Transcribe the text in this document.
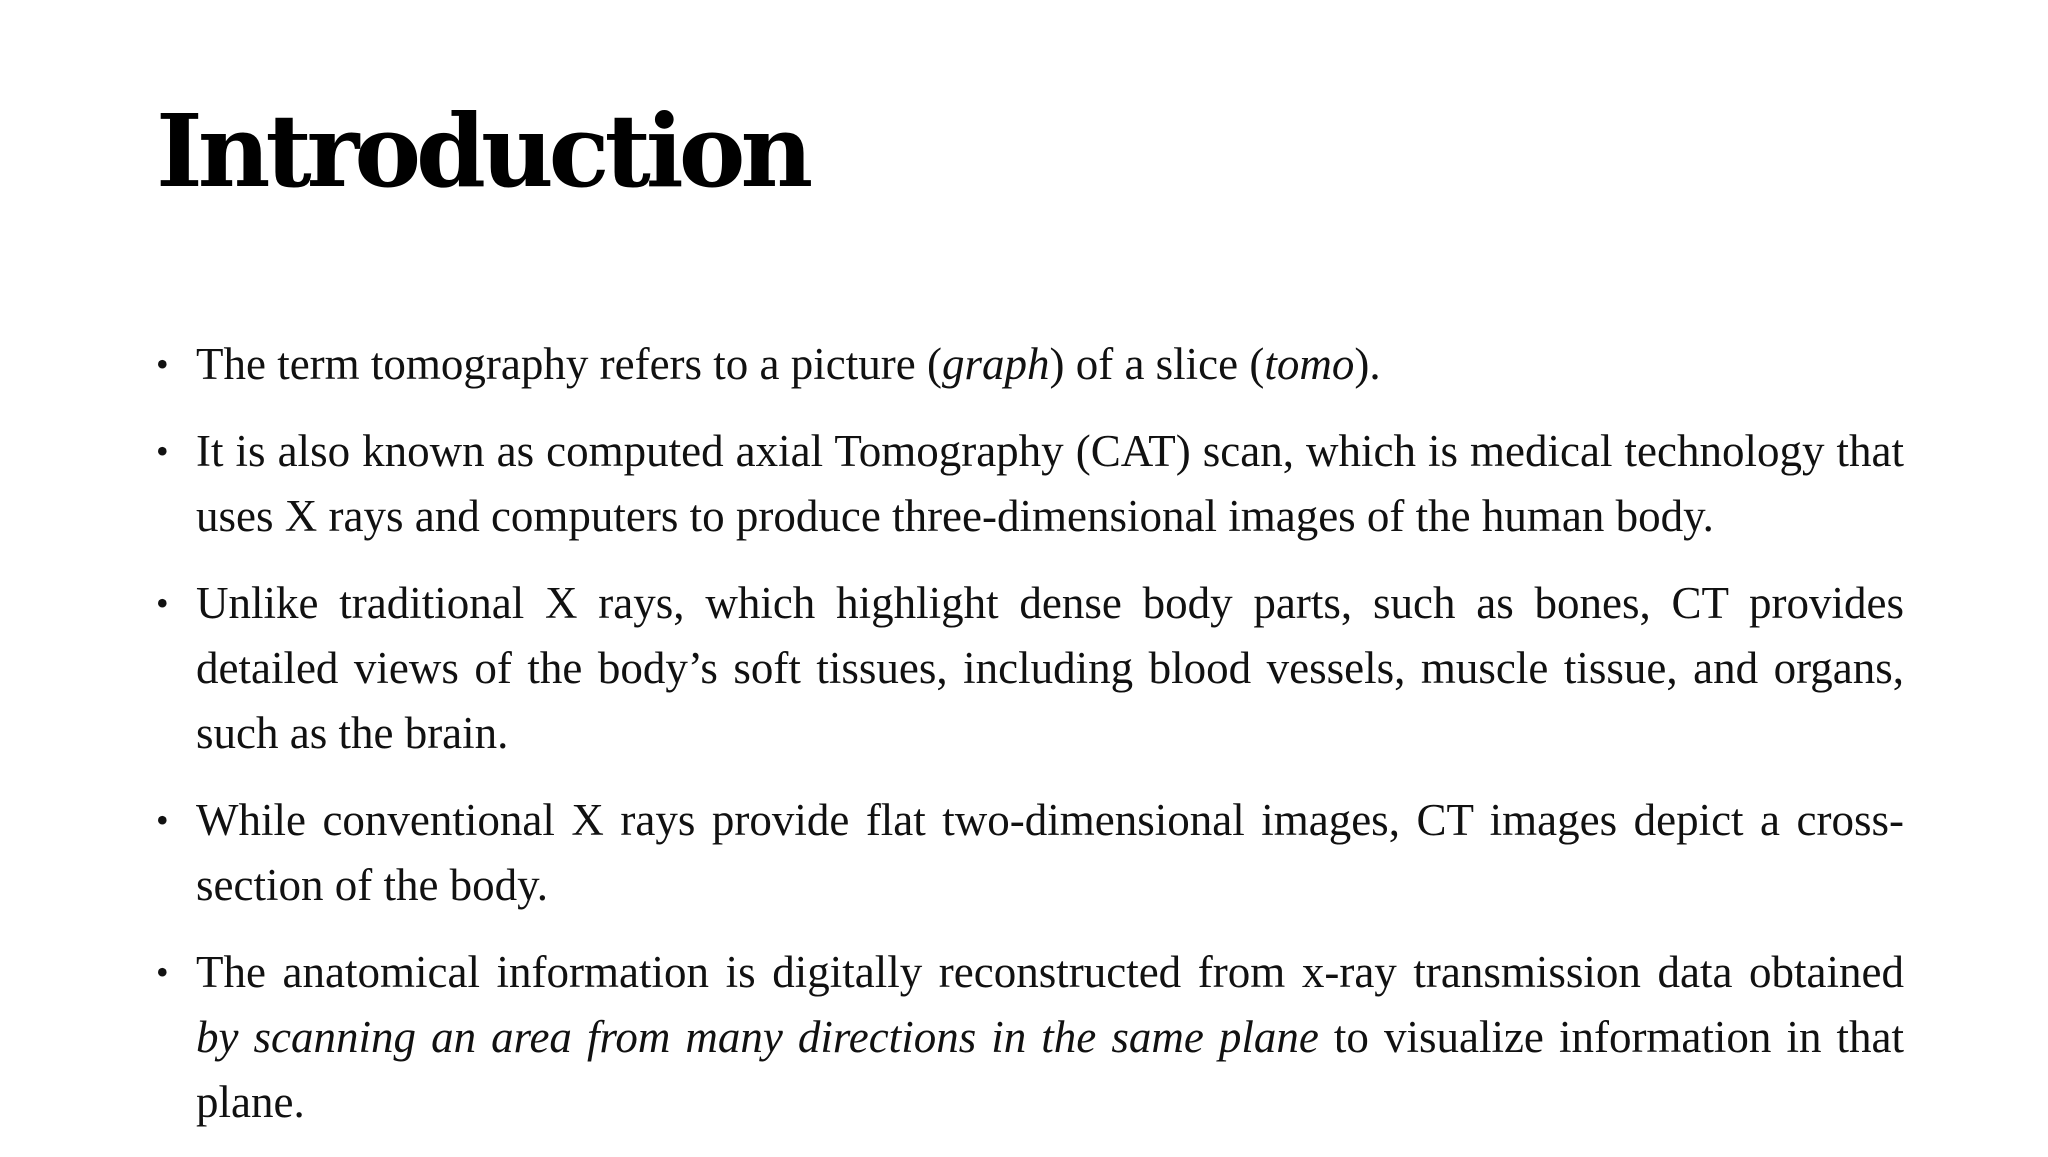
Introduction
• The term tomography refers to a picture (graph) of a slice (tomo).
• It is also known as computed axial Tomography (CAT) scan, which is medical technology that uses X rays and computers to produce three-dimensional images of the human body.
• Unlike traditional X rays, which highlight dense body parts, such as bones, CT provides detailed views of the body’s soft tissues, including blood vessels, muscle tissue, and organs, such as the brain.
• While conventional X rays provide flat two-dimensional images, CT images depict a cross-section of the body.
• The anatomical information is digitally reconstructed from x-ray transmission data obtained by scanning an area from many directions in the same plane to visualize information in that plane.
